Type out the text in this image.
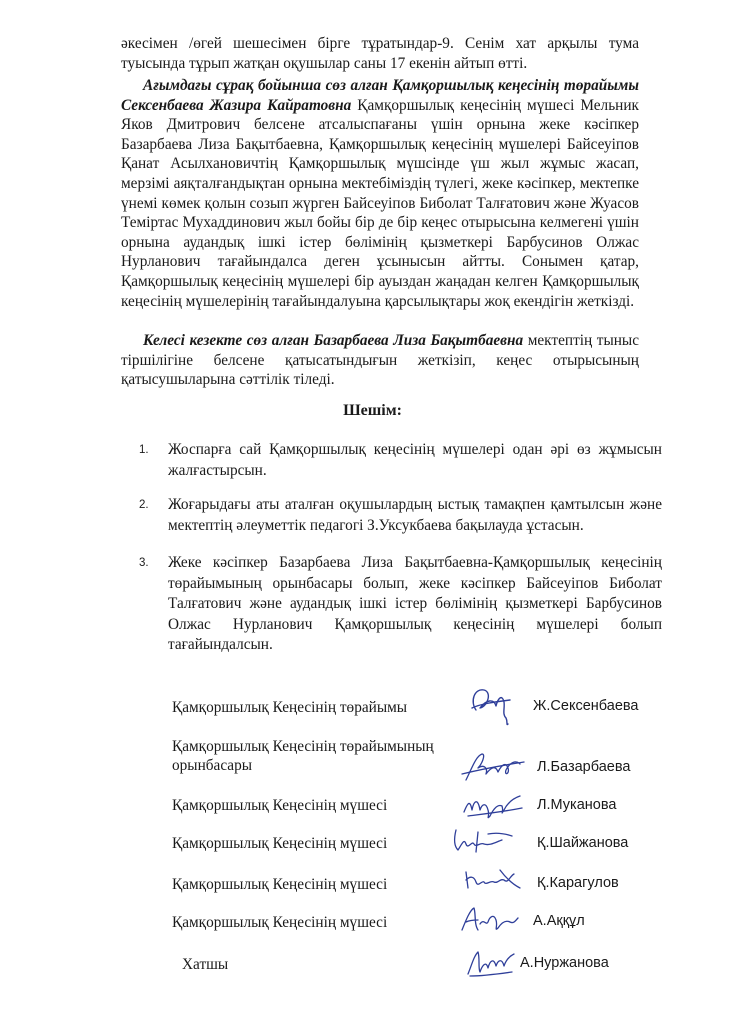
әкесімен /өгей шешесімен бірге тұратындар-9. Сенім хат арқылы тума туысында тұрып жатқан оқушылар саны 17 екенін айтып өтті.

Ағымдағы сұрақ бойынша сөз алған Қамқоршылық кеңесінің төрайымы Сексенбаева Жазира Кайратовна Қамқоршылық кеңесінің мүшесі Мельник Яков Дмитрович белсене атсалыспағаны үшін орнына жеке кәсіпкер Базарбаева Лиза Бақытбаевна, Қамқоршылық кеңесінің мүшелері Байсеуіпов Қанат Асылхановичтің Қамқоршылық мүшсінде үш жыл жұмыс жасап, мерзімі аяқталғандықтан орнына мектебіміздің түлегі, жеке кәсіпкер, мектепке үнемі көмек қолын созып жүрген Байсеуіпов Биболат Талғатович және Жуасов Теміртас Мухаддинович жыл бойы бір де бір кеңес отырысына келмегені үшін орнына аудандық ішкі істер бөлімінің қызметкері Барбусинов Олжас Нурланович тағайындалса деген ұсынысын айтты. Сонымен қатар, Қамқоршылық кеңесінің мүшелері бір ауыздан жаңадан келген Қамқоршылық кеңесінің мүшелерінің тағайындалуына қарсылықтары жоқ екендігін жеткізді.

Келесі кезекте сөз алған Базарбаева Лиза Бақытбаевна мектептің тыныс тіршілігіне белсене қатысатындығын жеткізіп, кеңес отырысының қатысушыларына сәттілік тіледі.

Шешім:

1. Жоспарға сай Қамқоршылық кеңесінің мүшелері одан әрі өз жұмысын жалғастырсын.

2. Жоғарыдағы аты аталған оқушылардың ыстық тамақпен қамтылсын және мектептің әлеуметтік педагогі З.Уксукбаева бақылауда ұстасын.

3. Жеке кәсіпкер Базарбаева Лиза Бақытбаевна-Қамқоршылық кеңесінің төрайымының орынбасары болып, жеке кәсіпкер Байсеуіпов Биболат Талғатович және аудандық ішкі істер бөлімінің қызметкері Барбусинов Олжас Нурланович Қамқоршылық кеңесінің мүшелері болып тағайындалсын.

Қамқоршылық Кеңесінің төрайымы	Ж.Сексенбаева

Қамқоршылық Кеңесінің төрайымының орынбасары	Л.Базарбаева

Қамқоршылық Кеңесінің мүшесі	Л.Муканова

Қамқоршылық Кеңесінің мүшесі	Қ.Шайжанова

Қамқоршылық Кеңесінің мүшесі	Қ.Карагулов

Қамқоршылық Кеңесінің мүшесі	А.Аққұл

Хатшы	А.Нуржанова
